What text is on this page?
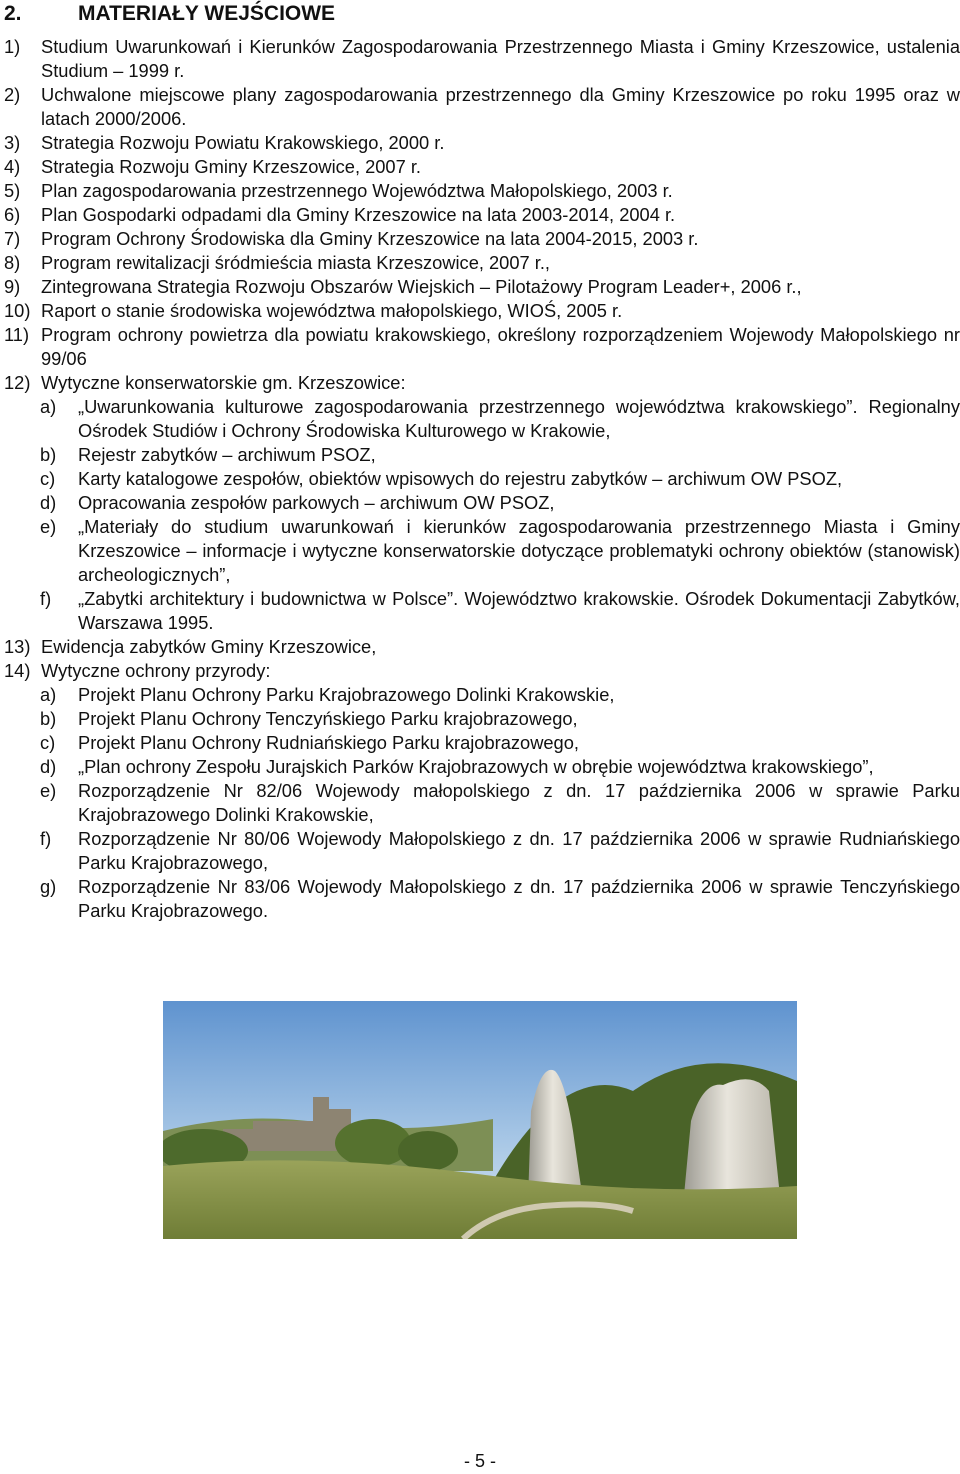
2.	MATERIAŁY WEJŚCIOWE
1) Studium Uwarunkowań i Kierunków Zagospodarowania Przestrzennego Miasta i Gminy Krzeszowice, ustalenia Studium – 1999 r.
2) Uchwalone miejscowe plany zagospodarowania przestrzennego dla Gminy Krzeszowice po roku 1995 oraz w latach 2000/2006.
3) Strategia Rozwoju Powiatu Krakowskiego, 2000 r.
4) Strategia Rozwoju Gminy Krzeszowice, 2007 r.
5) Plan zagospodarowania przestrzennego Województwa Małopolskiego, 2003 r.
6) Plan Gospodarki odpadami dla Gminy Krzeszowice na lata 2003-2014, 2004 r.
7) Program Ochrony Środowiska dla Gminy Krzeszowice na lata 2004-2015, 2003 r.
8) Program rewitalizacji śródmieścia miasta Krzeszowice, 2007 r.,
9) Zintegrowana Strategia Rozwoju Obszarów Wiejskich – Pilotażowy Program Leader+, 2006 r.,
10) Raport o stanie środowiska województwa małopolskiego, WIOŚ, 2005 r.
11) Program ochrony powietrza dla powiatu krakowskiego, określony rozporządzeniem Wojewody Małopolskiego nr 99/06
12) Wytyczne konserwatorskie gm. Krzeszowice:
a) „Uwarunkowania kulturowe zagospodarowania przestrzennego województwa krakowskiego”. Regionalny Ośrodek Studiów i Ochrony Środowiska Kulturowego w Krakowie,
b) Rejestr zabytków – archiwum PSOZ,
c) Karty katalogowe zespołów, obiektów wpisowych do rejestru zabytków – archiwum OW PSOZ,
d) Opracowania zespołów parkowych – archiwum OW PSOZ,
e) „Materiały do studium uwarunkowań i kierunków zagospodarowania przestrzennego Miasta i Gminy Krzeszowice – informacje i wytyczne konserwatorskie dotyczące problematyki ochrony obiektów (stanowisk) archeologicznych”,
f) „Zabytki architektury i budownictwa w Polsce”. Województwo krakowskie. Ośrodek Dokumentacji Zabytków, Warszawa 1995.
13) Ewidencja zabytków Gminy Krzeszowice,
14) Wytyczne ochrony przyrody:
a) Projekt Planu Ochrony Parku Krajobrazowego Dolinki Krakowskie,
b) Projekt Planu Ochrony Tenczyńskiego Parku krajobrazowego,
c) Projekt Planu Ochrony Rudniańskiego Parku krajobrazowego,
d) „Plan ochrony Zespołu Jurajskich Parków Krajobrazowych w obrębie województwa krakowskiego”,
e) Rozporządzenie Nr 82/06 Wojewody małopolskiego z dn. 17 października 2006 w sprawie Parku Krajobrazowego Dolinki Krakowskie,
f) Rozporządzenie Nr 80/06 Wojewody Małopolskiego z dn. 17 października 2006 w sprawie Rudniańskiego Parku Krajobrazowego,
g) Rozporządzenie Nr 83/06 Wojewody Małopolskiego z dn. 17 października 2006 w sprawie Tenczyńskiego Parku Krajobrazowego.
- 5 -
